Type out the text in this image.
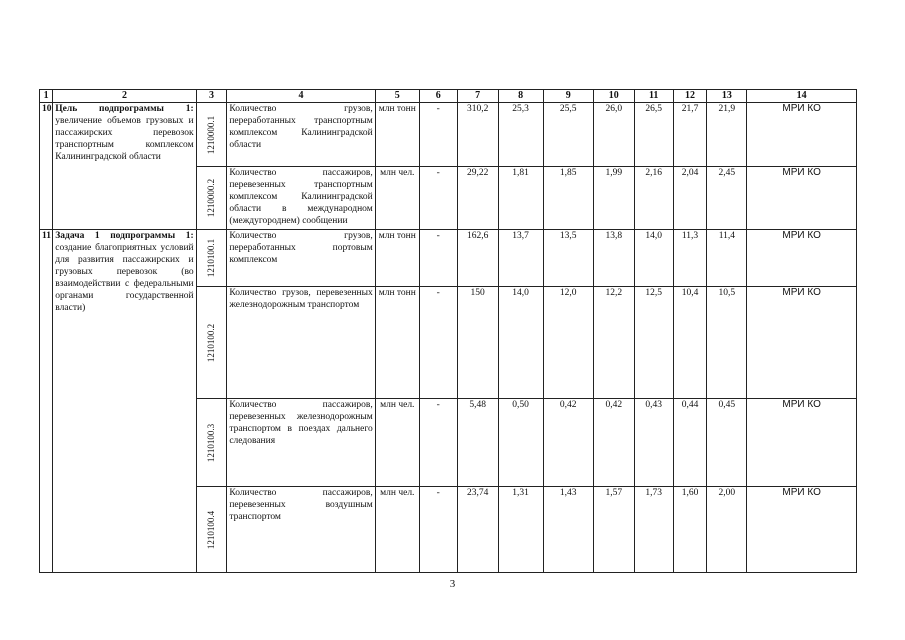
1	2	3	4	5	6	7	8	9	10	11	12	13	14
10	Цель подпрограммы 1: увеличение объемов грузовых и пассажирских перевозок транспортным комплексом Калининградской области	1210000.1	Количество грузов, переработанных транспортным комплексом Калининградской области	млн тонн	-	310,2	25,3	25,5	26,0	26,5	21,7	21,9	МРИ КО

		1210000.2	Количество пассажиров, перевезенных транспортным комплексом Калининградской области в международном (междугороднем) сообщении	млн чел.	-	29,22	1,81	1,85	1,99	2,16	2,04	2,45	МРИ КО
11	Задача 1 подпрограммы 1: создание благоприятных условий для развития пассажирских и грузовых перевозок (во взаимодействии с федеральными органами государственной власти)	1210100.1	Количество грузов, переработанных портовым комплексом	млн тонн	-	162,6	13,7	13,5	13,8	14,0	11,3	11,4	МРИ КО

		1210100.2	Количество грузов, перевезенных железнодорожным транспортом	млн тонн	-	150	14,0	12,0	12,2	12,5	10,4	10,5	МРИ КО

		1210100.3	Количество пассажиров, перевезенных железнодорожным транспортом в поездах дальнего следования	млн чел.	-	5,48	0,50	0,42	0,42	0,43	0,44	0,45	МРИ КО

		1210100.4	Количество пассажиров, перевезенных воздушным транспортом	млн чел.	-	23,74	1,31	1,43	1,57	1,73	1,60	2,00	МРИ КО
3
